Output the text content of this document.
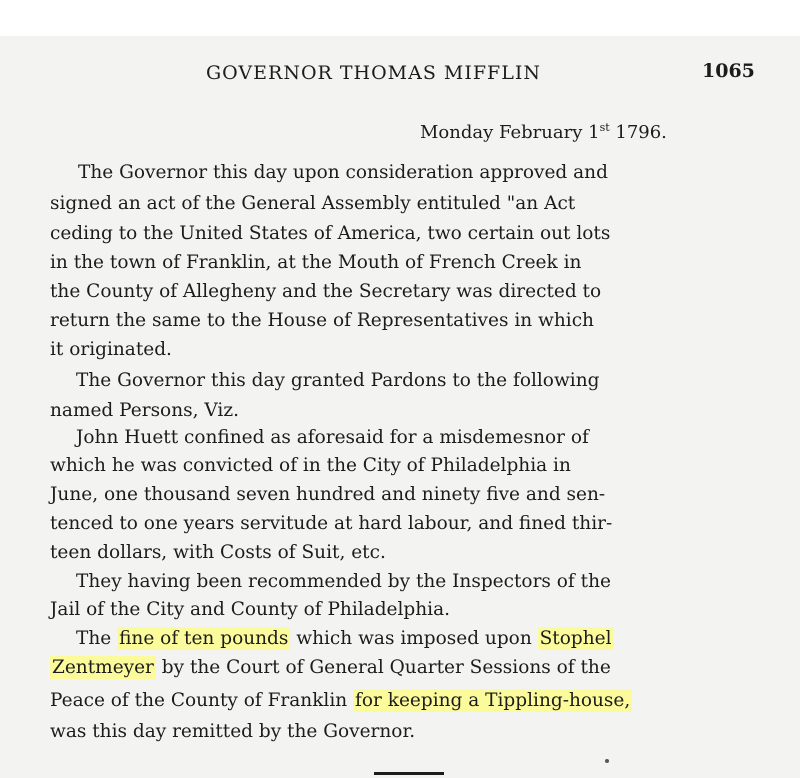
GOVERNOR THOMAS MIFFLIN	1065
Monday February 1st 1796.
The Governor this day upon consideration approved and
signed an act of the General Assembly entituled "an Act
ceding to the United States of America, two certain out lots
in the town of Franklin, at the Mouth of French Creek in
the County of Allegheny and the Secretary was directed to
return the same to the House of Representatives in which
it originated.
The Governor this day granted Pardons to the following
named Persons, Viz.
John Huett confined as aforesaid for a misdemesnor of
which he was convicted of in the City of Philadelphia in
June, one thousand seven hundred and ninety five and sen-
tenced to one years servitude at hard labour, and fined thir-
teen dollars, with Costs of Suit, etc.
They having been recommended by the Inspectors of the
Jail of the City and County of Philadelphia.
The fine of ten pounds which was imposed upon Stophel
Zentmeyer by the Court of General Quarter Sessions of the
Peace of the County of Franklin for keeping a Tippling-house,
was this day remitted by the Governor.
